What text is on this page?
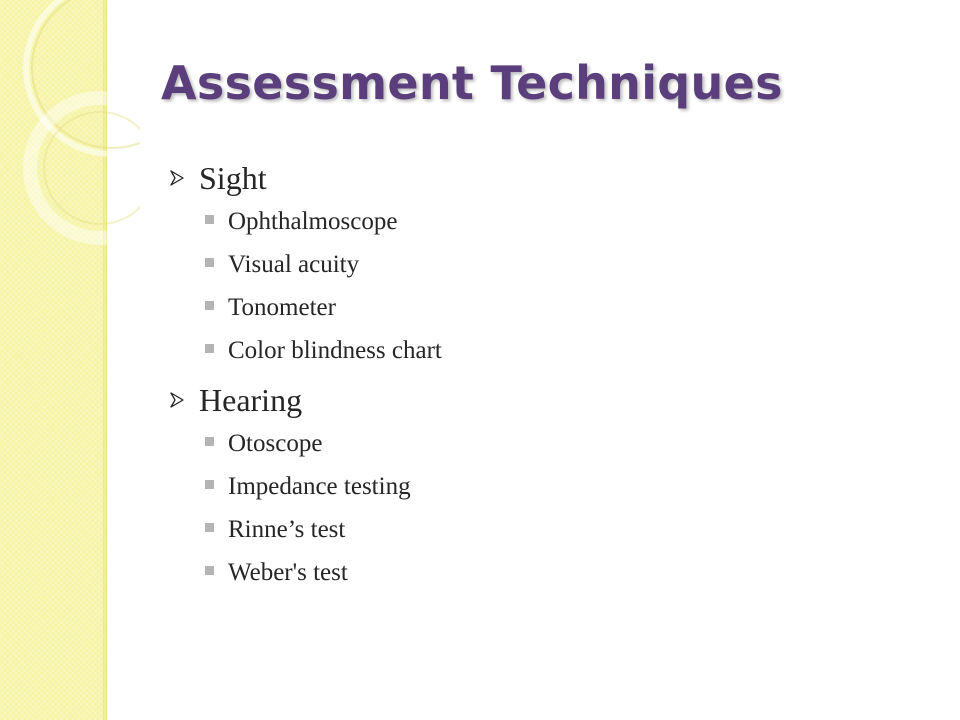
Assessment Techniques
Sight
Ophthalmoscope
Visual acuity
Tonometer
Color blindness chart
Hearing
Otoscope
Impedance testing
Rinne’s test
Weber's test
